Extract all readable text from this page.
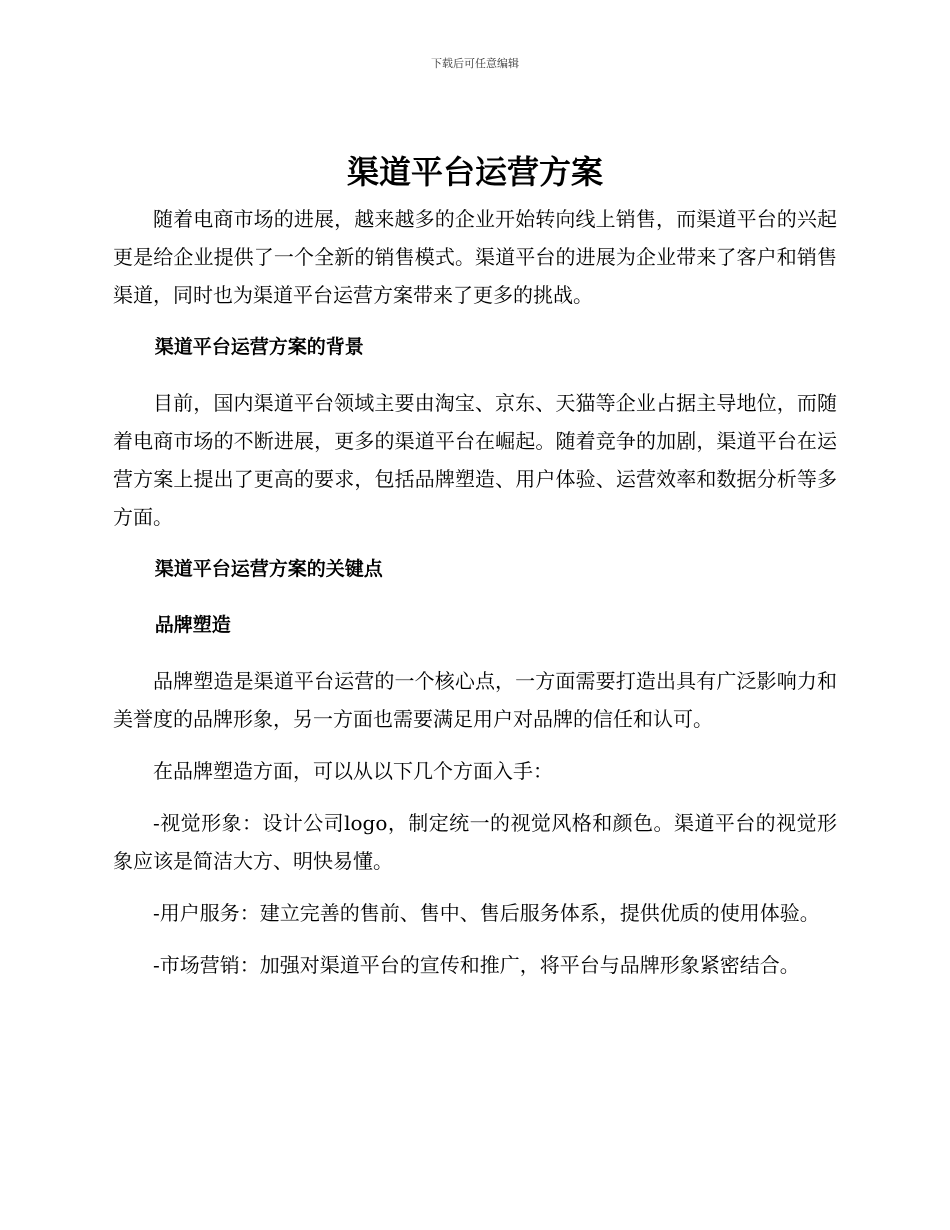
下载后可任意编辑
渠道平台运营方案

随着电商市场的进展，越来越多的企业开始转向线上销售，而渠道平台的兴起更是给企业提供了一个全新的销售模式。渠道平台的进展为企业带来了客户和销售渠道，同时也为渠道平台运营方案带来了更多的挑战。

渠道平台运营方案的背景

目前，国内渠道平台领域主要由淘宝、京东、天猫等企业占据主导地位，而随着电商市场的不断进展，更多的渠道平台在崛起。随着竞争的加剧，渠道平台在运营方案上提出了更高的要求，包括品牌塑造、用户体验、运营效率和数据分析等多方面。

渠道平台运营方案的关键点
品牌塑造

品牌塑造是渠道平台运营的一个核心点，一方面需要打造出具有广泛影响力和美誉度的品牌形象，另一方面也需要满足用户对品牌的信任和认可。

在品牌塑造方面，可以从以下几个方面入手：

-视觉形象：设计公司logo，制定统一的视觉风格和颜色。渠道平台的视觉形象应该是简洁大方、明快易懂。

-用户服务：建立完善的售前、售中、售后服务体系，提供优质的使用体验。

-市场营销：加强对渠道平台的宣传和推广，将平台与品牌形象紧密结合。
